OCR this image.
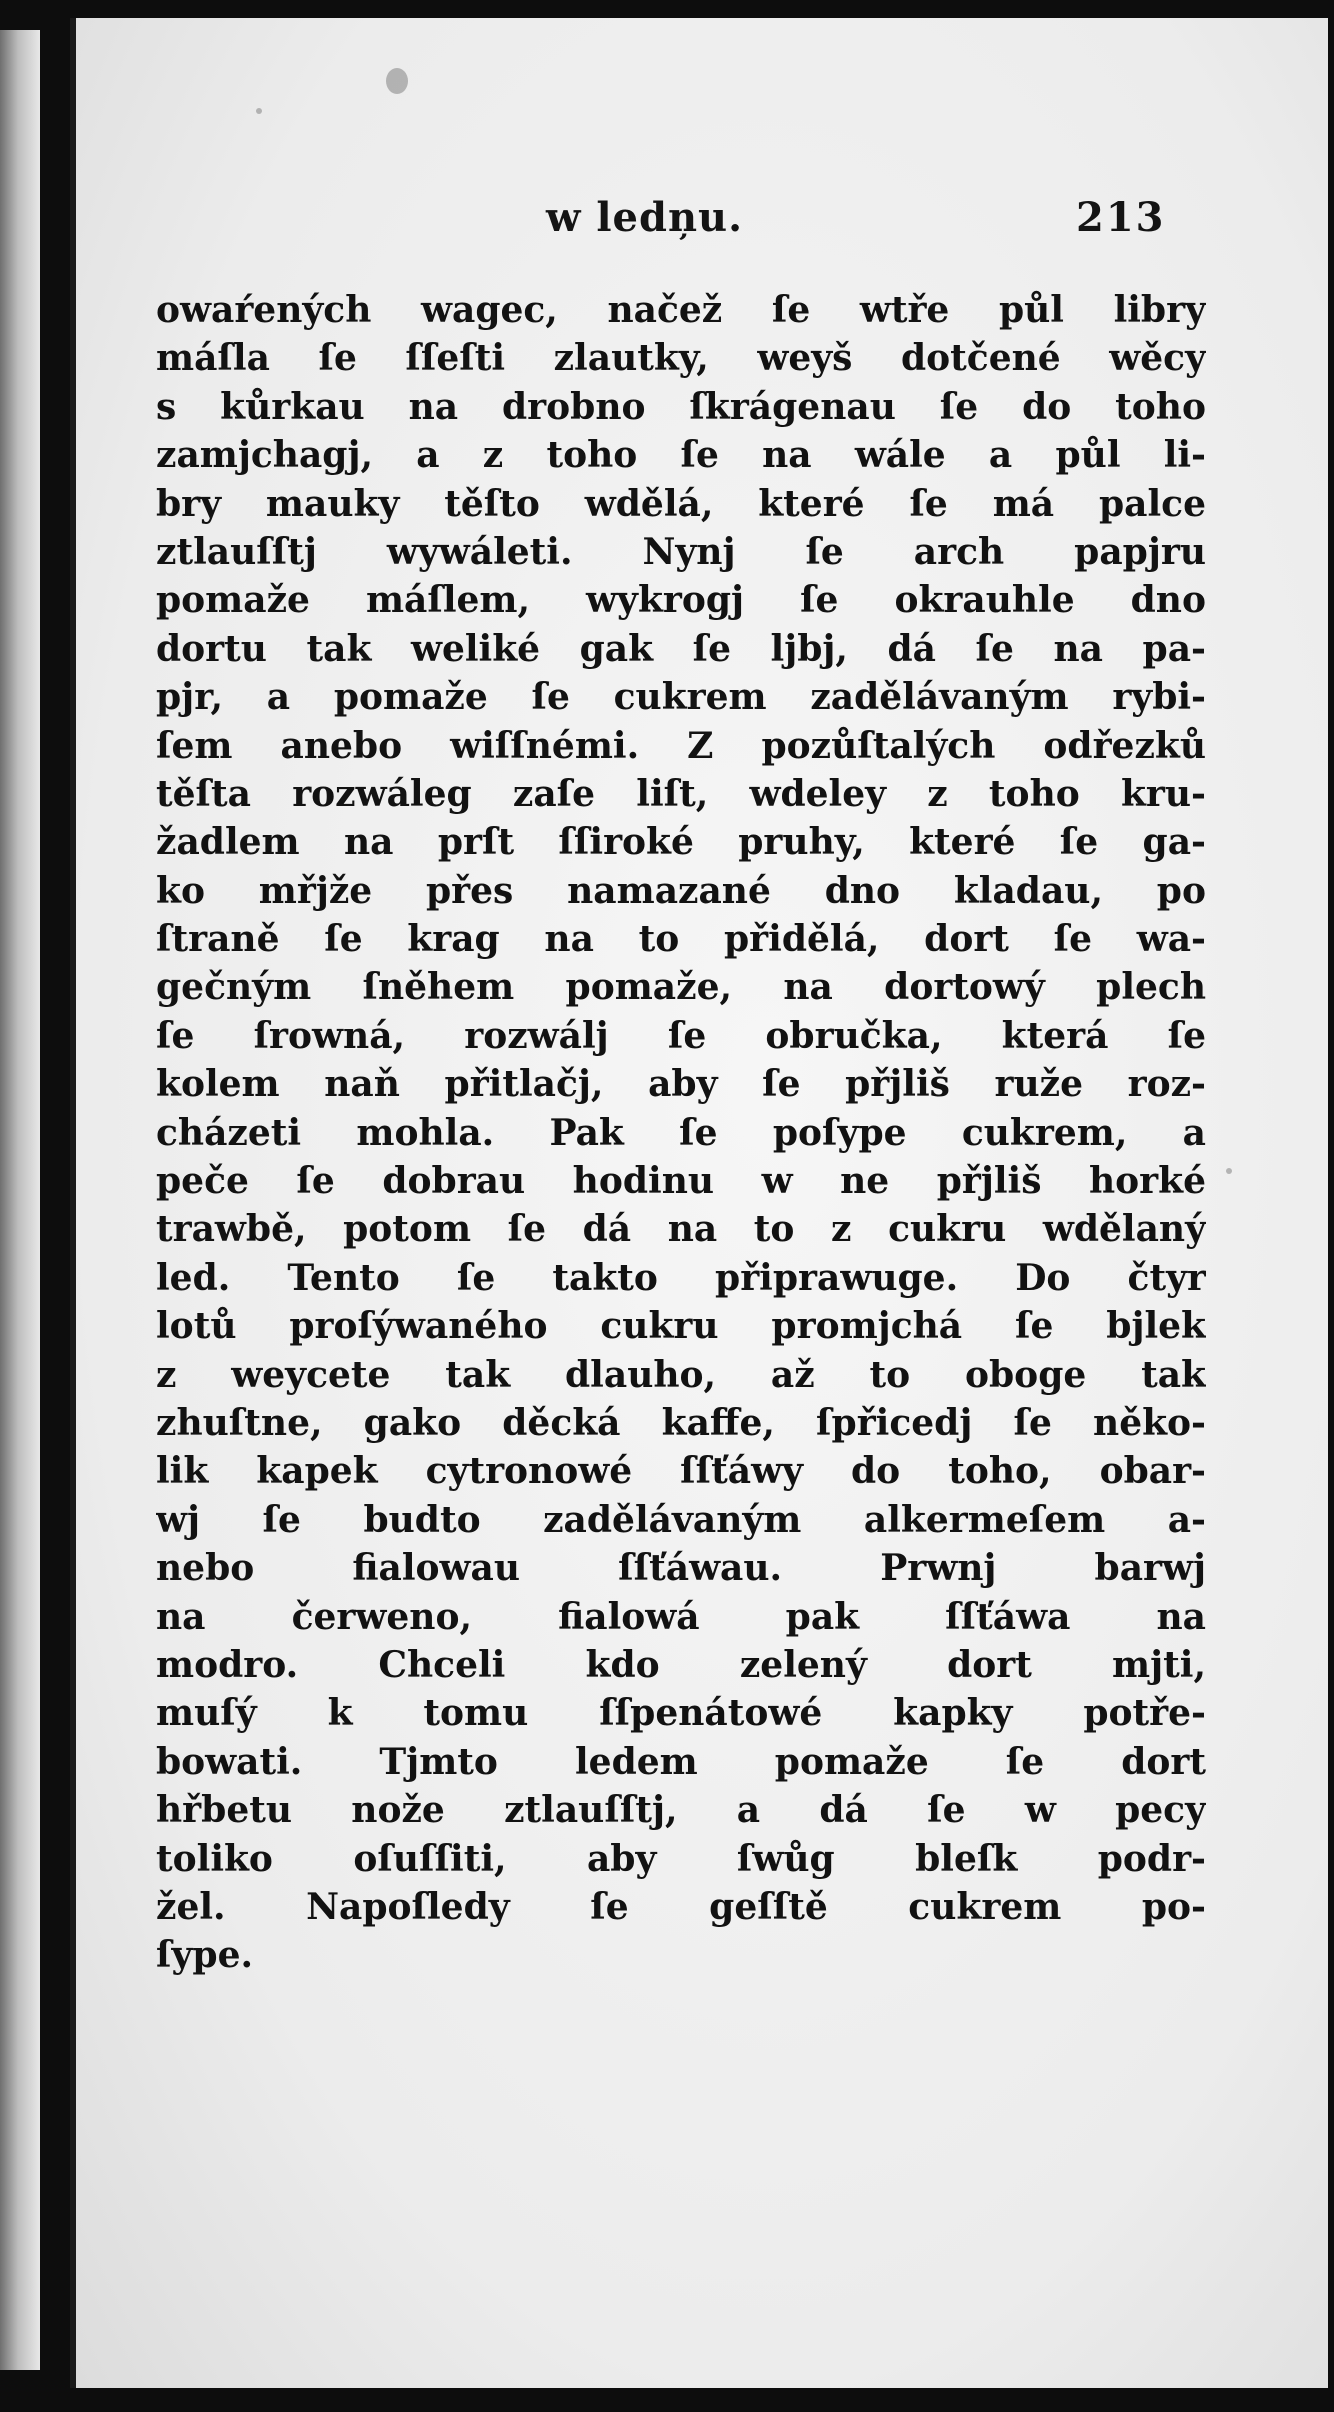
w ledņu.	213
owaŕených wagec, načež ſe wtře půl libry
máſla ſe ſſeſti zlautky, weyš dotčené wěcy
s kůrkau na drobno ſkrágenau ſe do toho
zamjchagj, a z toho ſe na wále a půl li-
bry mauky těſto wdělá, které ſe má palce
ztlauſſtj wywáleti. Nynj ſe arch papjru
pomaže máſlem, wykrogj ſe okrauhle dno
dortu tak weliké gak ſe ljbj, dá ſe na pa-
pjr, a pomaže ſe cukrem zadělávaným rybi-
ſem anebo wiſſnémi. Z pozůſtalých odřezků
těſta rozwáleg zaſe liſt, wdeley z toho kru-
žadlem na prſt ſſiroké pruhy, které ſe ga-
ko mřjže přes namazané dno kladau, po
ſtraně ſe krag na to přidělá, dort ſe wa-
gečným ſněhem pomaže, na dortowý plech
ſe ſrowná, rozwálj ſe obručka, která ſe
kolem naň přitlačj, aby ſe přjliš ruže roz-
cházeti mohla. Pak ſe poſype cukrem, a
peče ſe dobrau hodinu w ne přjliš horké
trawbě, potom ſe dá na to z cukru wdělaný
led. Tento ſe takto připrawuge. Do čtyr
lotů proſýwaného cukru promjchá ſe bjlek
z weycete tak dlauho, až to oboge tak
zhuſtne, gako děcká kaffe, ſpřicedj ſe něko-
lik kapek cytronowé ſſťáwy do toho, obar-
wj ſe budto zadělávaným alkermeſem a-
nebo fialowau ſſťáwau. Prwnj barwj
na čerweno, fialowá pak ſſťáwa na
modro. Chceli kdo zelený dort mjti,
muſý k tomu ſſpenátowé kapky potře-
bowati. Tjmto ledem pomaže ſe dort
hřbetu nože ztlauſſtj, a dá ſe w pecy
toliko oſuſſiti, aby ſwůg bleſk podr-
žel. Napoſledy ſe geſſtě cukrem po-
ſype.
